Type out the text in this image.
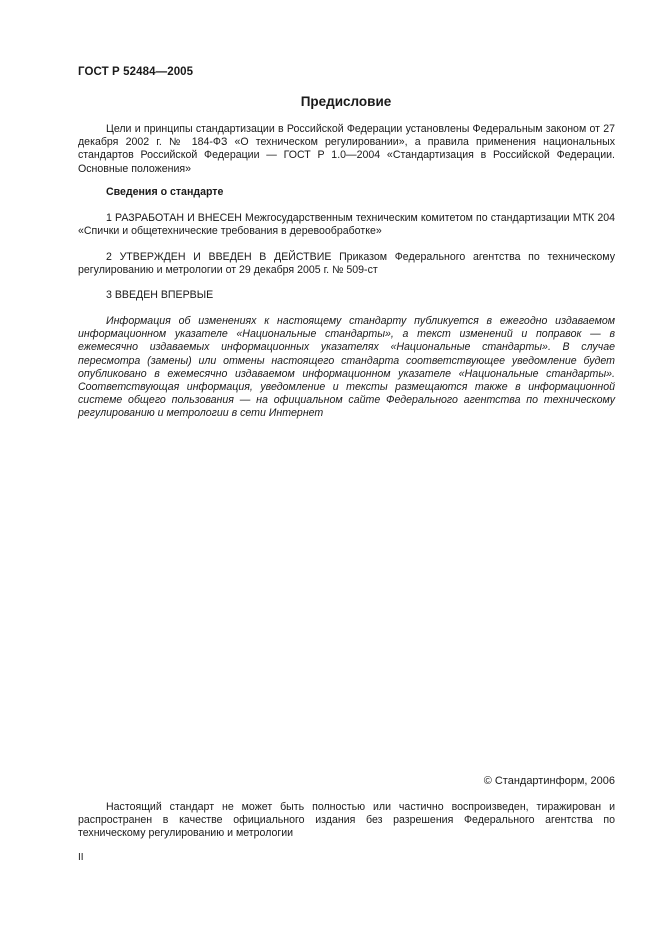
ГОСТ Р 52484—2005
Предисловие

Цели и принципы стандартизации в Российской Федерации установлены Федеральным законом от 27 декабря 2002 г. № 184-ФЗ «О техническом регулировании», а правила применения национальных стандартов Российской Федерации — ГОСТ Р 1.0—2004 «Стандартизация в Российской Федерации. Основные положения»

Сведения о стандарте

1 РАЗРАБОТАН И ВНЕСЕН Межгосударственным техническим комитетом по стандартизации МТК 204 «Спички и общетехнические требования в деревообработке»

2 УТВЕРЖДЕН И ВВЕДЕН В ДЕЙСТВИЕ Приказом Федерального агентства по техническому регулированию и метрологии от 29 декабря 2005 г. № 509-ст

3 ВВЕДЕН ВПЕРВЫЕ

Информация об изменениях к настоящему стандарту публикуется в ежегодно издаваемом информационном указателе «Национальные стандарты», а текст изменений и поправок — в ежемесячно издаваемых информационных указателях «Национальные стандарты». В случае пересмотра (замены) или отмены настоящего стандарта соответствующее уведомление будет опубликовано в ежемесячно издаваемом информационном указателе «Национальные стандарты». Соответствующая информация, уведомление и тексты размещаются также в информационной системе общего пользования — на официальном сайте Федерального агентства по техническому регулированию и метрологии в сети Интернет

© Стандартинформ, 2006

Настоящий стандарт не может быть полностью или частично воспроизведен, тиражирован и распространен в качестве официального издания без разрешения Федерального агентства по техническому регулированию и метрологии

II
